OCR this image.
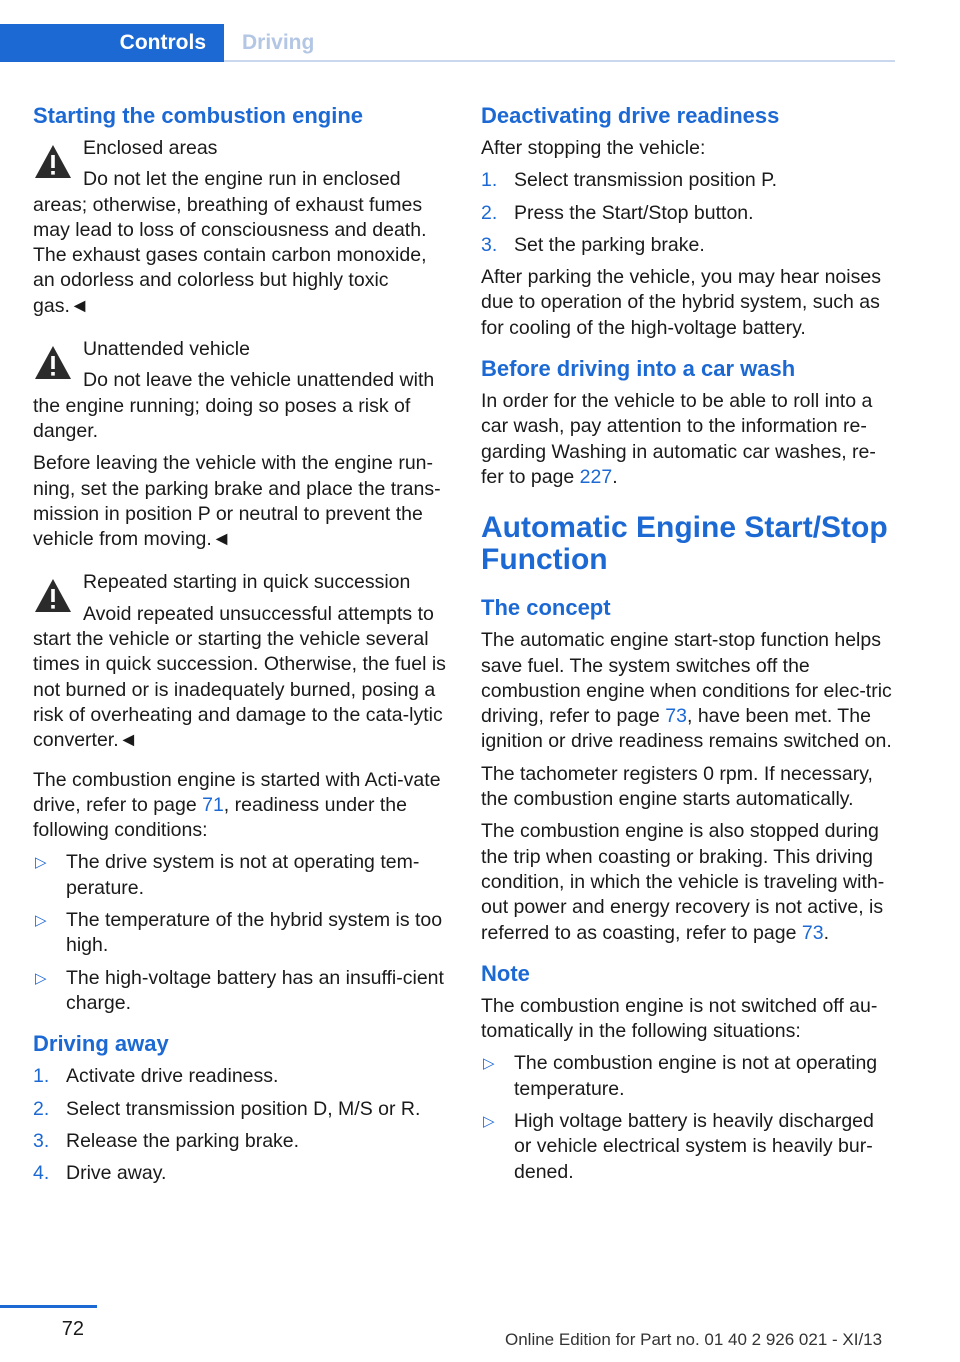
Controls	Driving
Starting the combustion engine
Enclosed areas
Do not let the engine run in enclosed areas; otherwise, breathing of exhaust fumes may lead to loss of consciousness and death. The exhaust gases contain carbon monoxide, an odorless and colorless but highly toxic gas.◄
Unattended vehicle
Do not leave the vehicle unattended with the engine running; doing so poses a risk of danger.

Before leaving the vehicle with the engine run-ning, set the parking brake and place the trans-mission in position P or neutral to prevent the vehicle from moving.◄

Repeated starting in quick succession
Avoid repeated unsuccessful attempts to start the vehicle or starting the vehicle several times in quick succession. Otherwise, the fuel is not burned or is inadequately burned, posing a risk of overheating and damage to the cata-lytic converter.◄

The combustion engine is started with Acti-vate drive, refer to page 71, readiness under the following conditions:

▷ The drive system is not at operating tem-perature.
▷ The temperature of the hybrid system is too high.
▷ The high-voltage battery has an insuffi-cient charge.
Driving away
1. Activate drive readiness.
2. Select transmission position D, M/S or R.
3. Release the parking brake.
4. Drive away.
Deactivating drive readiness

After stopping the vehicle:

1. Select transmission position P.
2. Press the Start/Stop button.
3. Set the parking brake.

After parking the vehicle, you may hear noises due to operation of the hybrid system, such as for cooling of the high-voltage battery.

Before driving into a car wash

In order for the vehicle to be able to roll into a car wash, pay attention to the information re-garding Washing in automatic car washes, re-fer to page 227.

Automatic Engine Start/Stop Function
The concept

The automatic engine start-stop function helps save fuel. The system switches off the combustion engine when conditions for elec-tric driving, refer to page 73, have been met. The ignition or drive readiness remains switched on.

The tachometer registers 0 rpm. If necessary, the combustion engine starts automatically.

The combustion engine is also stopped during the trip when coasting or braking. This driving condition, in which the vehicle is traveling with-out power and energy recovery is not active, is referred to as coasting, refer to page 73.

Note

The combustion engine is not switched off au-tomatically in the following situations:

▷ The combustion engine is not at operating temperature.
▷ High voltage battery is heavily discharged or vehicle electrical system is heavily bur-dened.
72	Online Edition for Part no. 01 40 2 926 021 - XI/13
